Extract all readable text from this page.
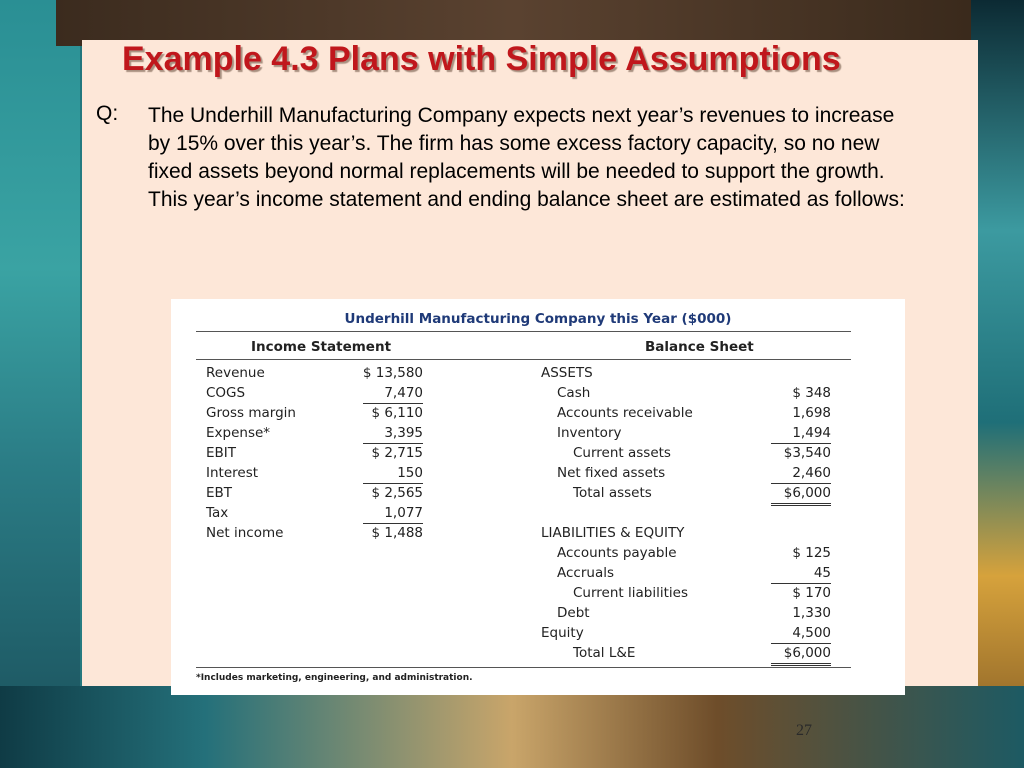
Example 4.3 Plans with Simple Assumptions
Q: The Underhill Manufacturing Company expects next year’s revenues to increase by 15% over this year’s. The firm has some excess factory capacity, so no new fixed assets beyond normal replacements will be needed to support the growth. This year’s income statement and ending balance sheet are estimated as follows:
Underhill Manufacturing Company this Year ($000)
Income Statement	Balance Sheet
Revenue	$ 13,580
COGS	7,470
Gross margin	$ 6,110
Expense*	3,395
EBIT	$ 2,715
Interest	150
EBT	$ 2,565
Tax	1,077
Net income	$ 1,488
ASSETS
Cash	$ 348
Accounts receivable	1,698
Inventory	1,494
Current assets	$3,540
Net fixed assets	2,460
Total assets	$6,000
LIABILITIES & EQUITY
Accounts payable	$ 125
Accruals	45
Current liabilities	$ 170
Debt	1,330
Equity	4,500
Total L&E	$6,000
*Includes marketing, engineering, and administration.
27
